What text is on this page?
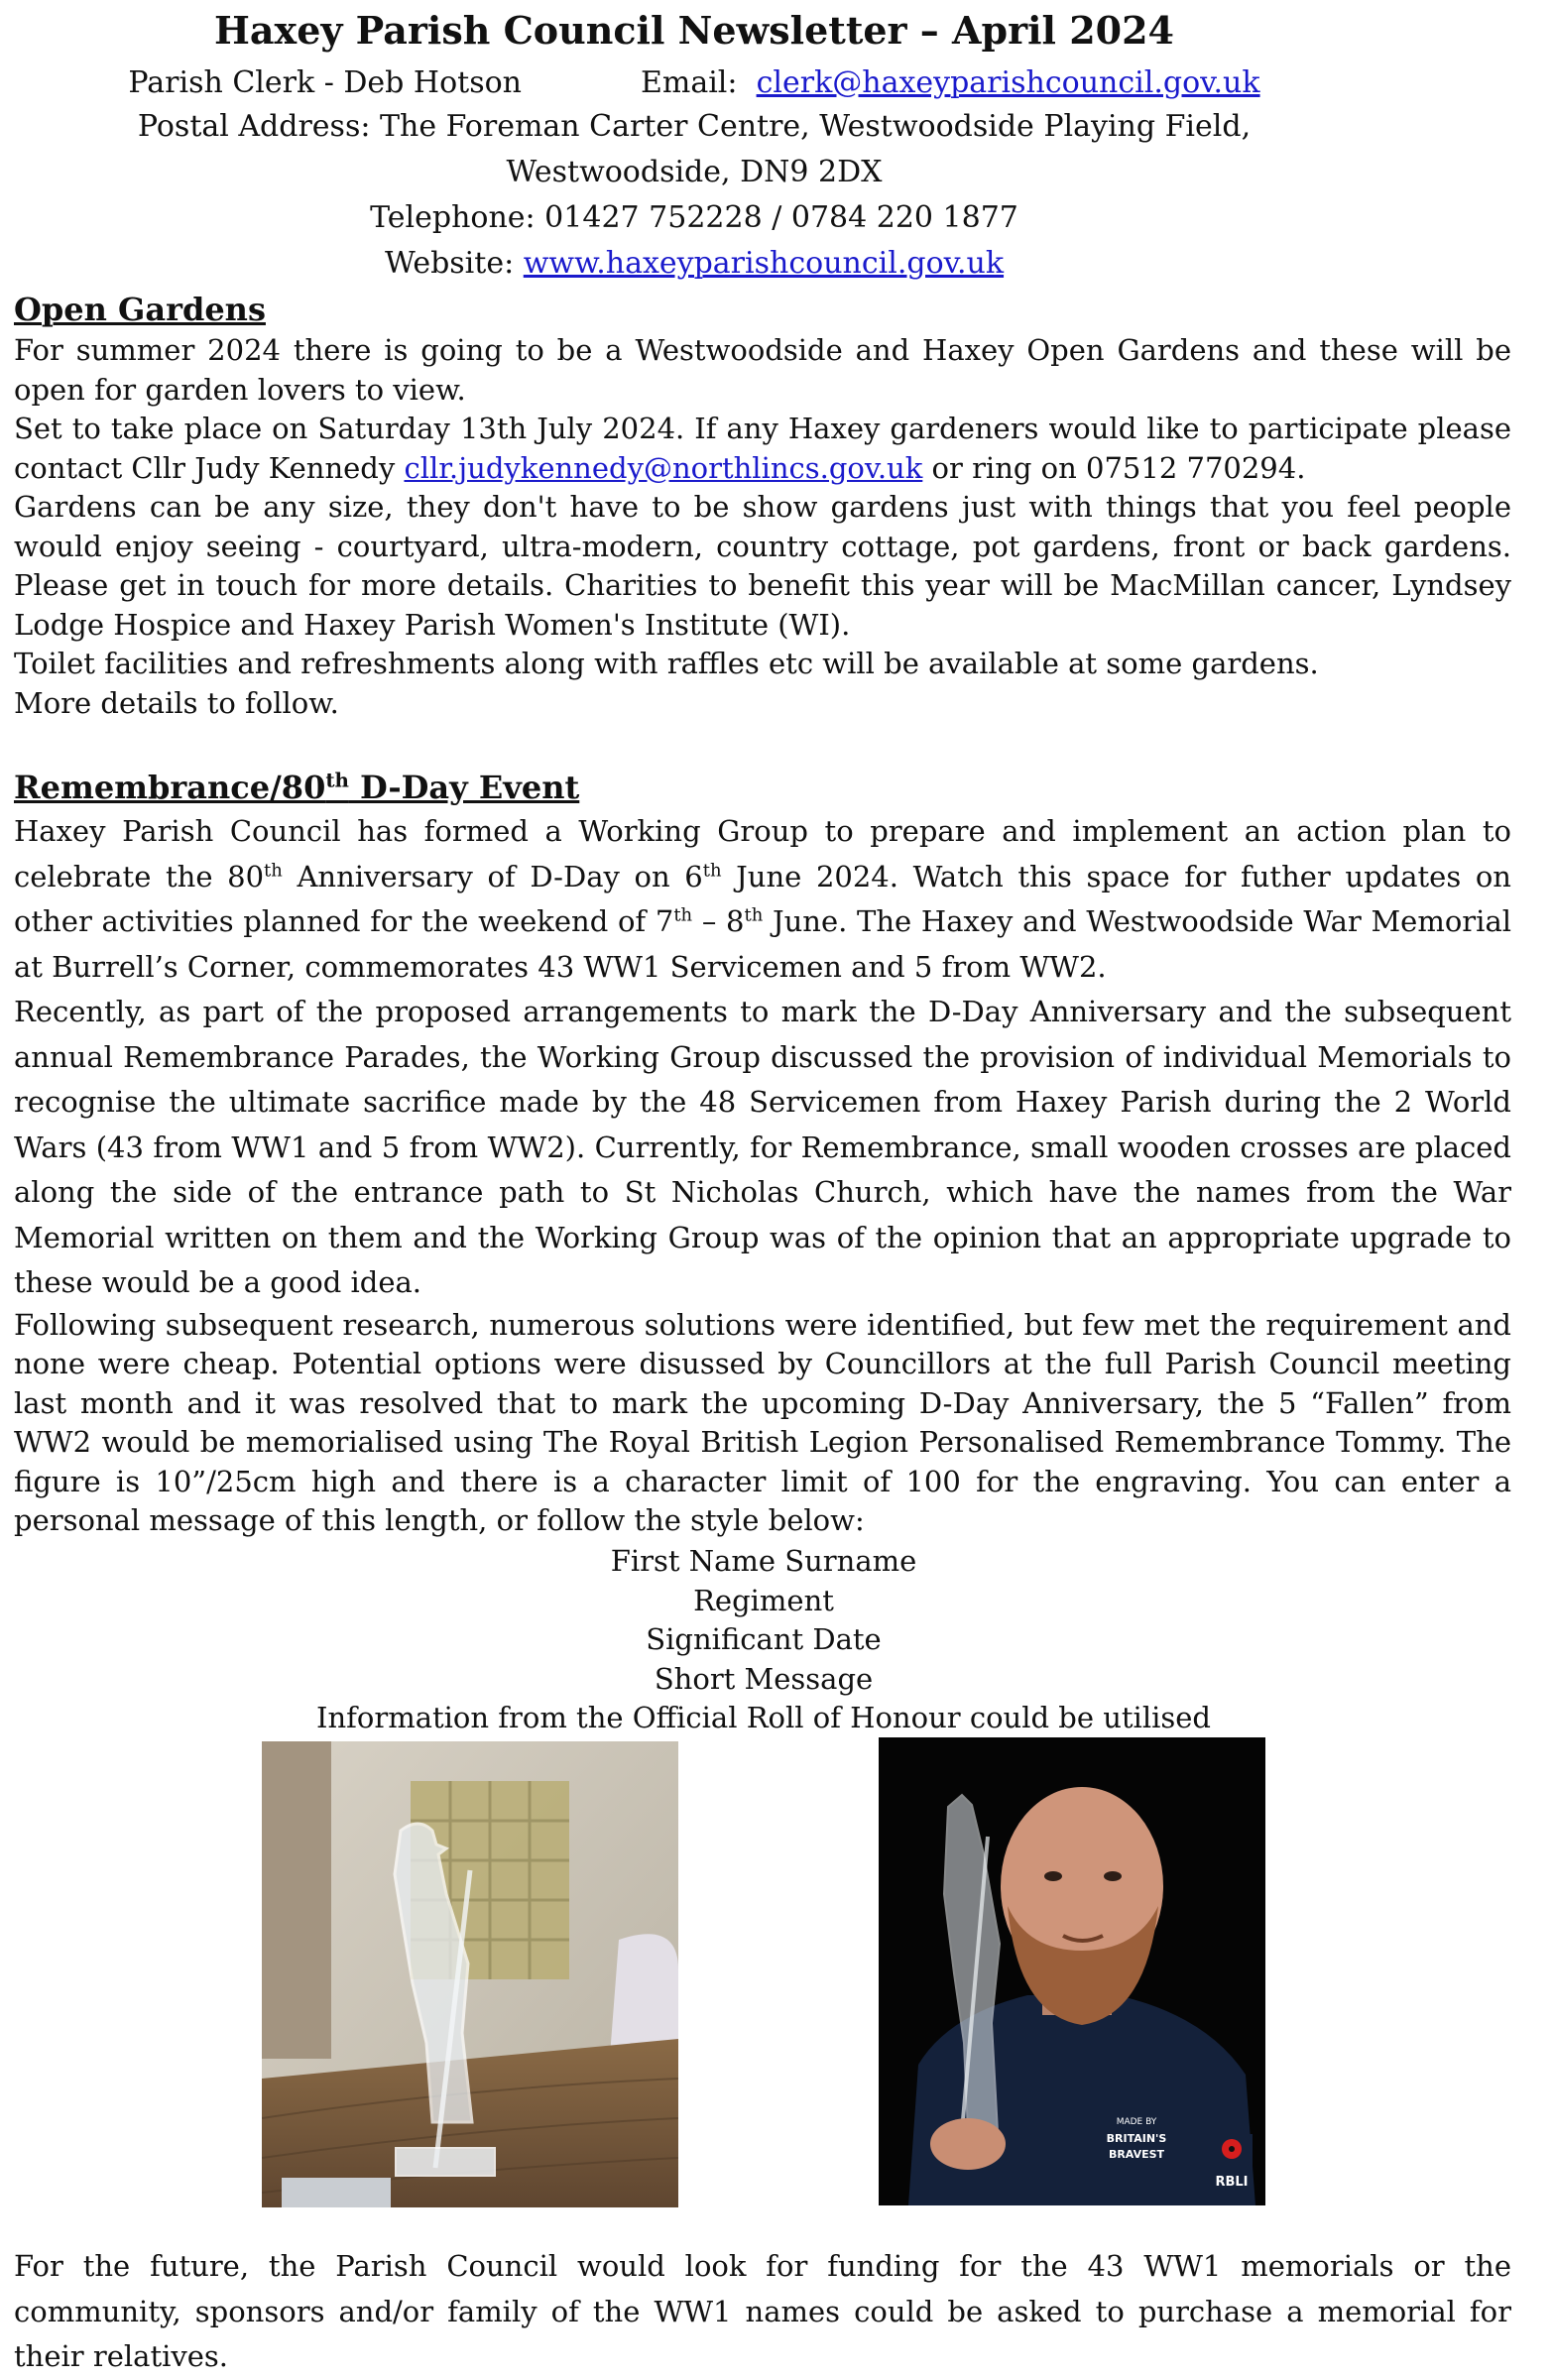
Haxey Parish Council Newsletter – April 2024
Parish Clerk - Deb Hotson	Email: clerk@haxeyparishcouncil.gov.uk
Postal Address: The Foreman Carter Centre, Westwoodside Playing Field,
Westwoodside, DN9 2DX
Telephone: 01427 752228 / 0784 220 1877
Website: www.haxeyparishcouncil.gov.uk
Open Gardens

For summer 2024 there is going to be a Westwoodside and Haxey Open Gardens and these will be open for garden lovers to view.

Set to take place on Saturday 13th July 2024. If any Haxey gardeners would like to participate please contact Cllr Judy Kennedy cllr.judykennedy@northlincs.gov.uk or ring on 07512 770294.

Gardens can be any size, they don't have to be show gardens just with things that you feel people would enjoy seeing - courtyard, ultra-modern, country cottage, pot gardens, front or back gardens. Please get in touch for more details. Charities to benefit this year will be MacMillan cancer, Lyndsey Lodge Hospice and Haxey Parish Women's Institute (WI).

Toilet facilities and refreshments along with raffles etc will be available at some gardens.

More details to follow.

Remembrance/80th D-Day Event

Haxey Parish Council has formed a Working Group to prepare and implement an action plan to celebrate the 80th Anniversary of D-Day on 6th June 2024. Watch this space for futher updates on other activities planned for the weekend of 7th – 8th June. The Haxey and Westwoodside War Memorial at Burrell’s Corner, commemorates 43 WW1 Servicemen and 5 from WW2.

Recently, as part of the proposed arrangements to mark the D-Day Anniversary and the subsequent annual Remembrance Parades, the Working Group discussed the provision of individual Memorials to recognise the ultimate sacrifice made by the 48 Servicemen from Haxey Parish during the 2 World Wars (43 from WW1 and 5 from WW2). Currently, for Remembrance, small wooden crosses are placed along the side of the entrance path to St Nicholas Church, which have the names from the War Memorial written on them and the Working Group was of the opinion that an appropriate upgrade to these would be a good idea.

Following subsequent research, numerous solutions were identified, but few met the requirement and none were cheap. Potential options were disussed by Councillors at the full Parish Council meeting last month and it was resolved that to mark the upcoming D-Day Anniversary, the 5 “Fallen” from WW2 would be memorialised using The Royal British Legion Personalised Remembrance Tommy. The figure is 10”/25cm high and there is a character limit of 100 for the engraving. You can enter a personal message of this length, or follow the style below:

First Name Surname
Regiment
Significant Date
Short Message
Information from the Official Roll of Honour could be utilised
MADE BY
BRITAIN'S
BRAVEST
RBLI

For the future, the Parish Council would look for funding for the 43 WW1 memorials or the community, sponsors and/or family of the WW1 names could be asked to purchase a memorial for their relatives.
